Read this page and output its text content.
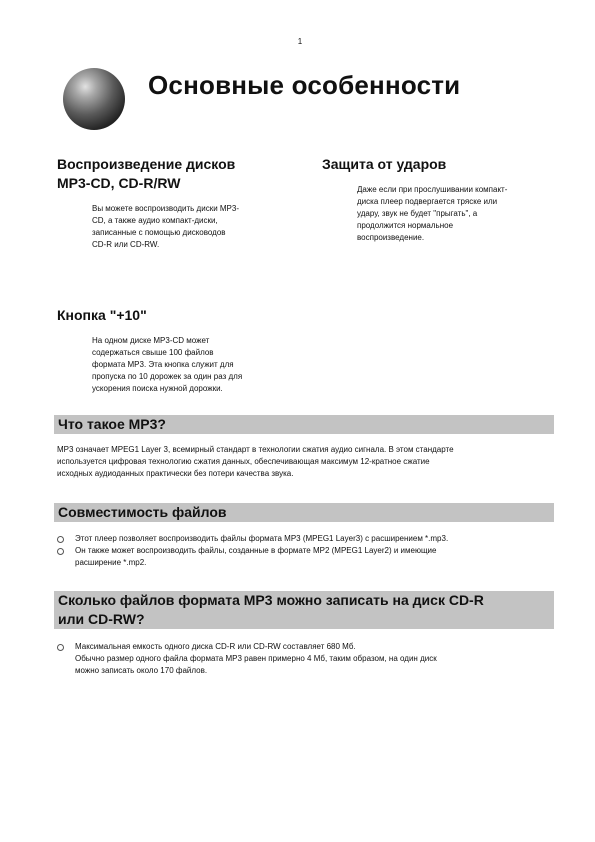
1
Основные особенности
Воспроизведение дисков
MP3-CD, CD-R/RW
Вы можете воспроизводить диски MP3-
CD, а также аудио компакт-диски,
записанные с помощью дисководов
CD-R или CD-RW.
Защита от ударов
Даже если при прослушивании компакт-
диска плеер подвергается тряске или
удару, звук не будет "прыгать", а
продолжится нормальное
воспроизведение.
Кнопка "+10"
На одном диске MP3-CD может
содержаться свыше 100 файлов
формата MP3. Эта кнопка служит для
пропуска по 10 дорожек за один раз для
ускорения поиска нужной дорожки.
Что такое MP3?
MP3 означает MPEG1 Layer 3, всемирный стандарт в технологии сжатия аудио сигнала. В этом стандарте
используется цифровая технологию сжатия данных, обеспечивающая максимум 12-кратное сжатие
исходных аудиоданных практически без потери качества звука.
Совместимость файлов
Этот плеер позволяет воспроизводить файлы формата MP3 (MPEG1 Layer3) с расширением *.mp3.
Он также может воспроизводить файлы, созданные в формате MP2 (MPEG1 Layer2) и имеющие
расширение *.mp2.
Сколько файлов формата MP3 можно записать на диск CD-R
или CD-RW?
Максимальная емкость одного диска CD-R или CD-RW составляет 680 Мб.
Обычно размер одного файла формата MP3 равен примерно 4 Мб, таким образом, на один диск
можно записать около 170 файлов.
